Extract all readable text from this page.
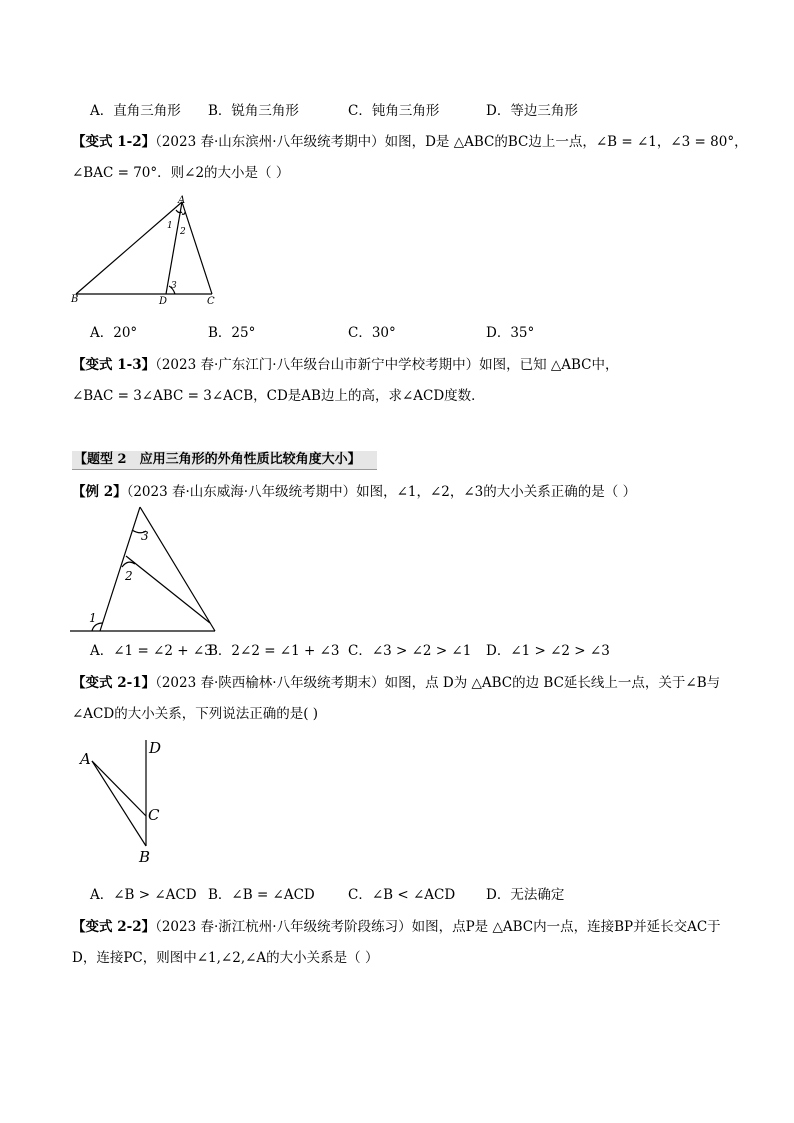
A．直角三角形 B．锐角三角形	C．钝角三角形	D．等边三角形
【变式 1-2】（2023 春·山东滨州·八年级统考期中）如图，D是 △ABC的BC边上一点，∠B = ∠1，∠3 = 80°，
∠BAC = 70°．则∠2的大小是（ ）
A
B	C
D
1
2
3
A．20°	B．25°	C．30°	D．35°
【变式 1-3】（2023 春·广东江门·八年级台山市新宁中学校考期中）如图，已知 △ABC中，
∠BAC = 3∠ABC = 3∠ACB，CD是AB边上的高，求∠ACD度数．
【题型 2　应用三角形的外角性质比较角度大小】
【例 2】（2023 春·山东威海·八年级统考期中）如图，∠1，∠2，∠3的大小关系正确的是（ ）
3
2
1
A．∠1 = ∠2 + ∠3
B．2∠2 = ∠1 + ∠3 C．∠3 > ∠2 > ∠1 D．∠1 > ∠2 > ∠3
【变式 2-1】（2023 春·陕西榆林·八年级统考期末）如图，点 D为 △ABC的边 BC延长线上一点，关于∠B与
∠ACD的大小关系，下列说法正确的是( )
A
D
C
B
A．∠B > ∠ACD B．∠B = ∠ACD C．∠B < ∠ACD D．无法确定
【变式 2-2】（2023 春·浙江杭州·八年级统考阶段练习）如图，点P是 △ABC内一点，连接BP并延长交AC于
D，连接PC，则图中∠1,∠2,∠A的大小关系是（ ）
